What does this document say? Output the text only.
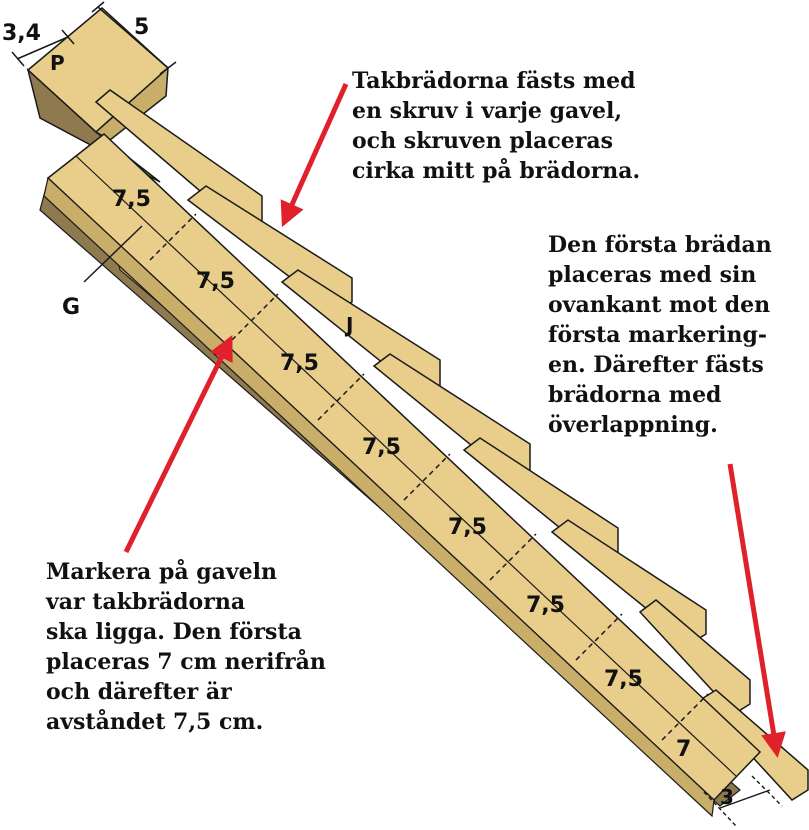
P
3,4	5
G
J
7,5
7,5
7,5
7,5
7,5
7,5
7,5
7
3
Takbrädorna fästs med
en skruv i varje gavel,
och skruven placeras
cirka mitt på brädorna.
Den första brädan
placeras med sin
ovankant mot den
första markering-
en. Därefter fästs
brädorna med
överlappning.
Markera på gaveln
var takbrädorna
ska ligga. Den första
placeras 7 cm nerifrån
och därefter är
avståndet 7,5 cm.
